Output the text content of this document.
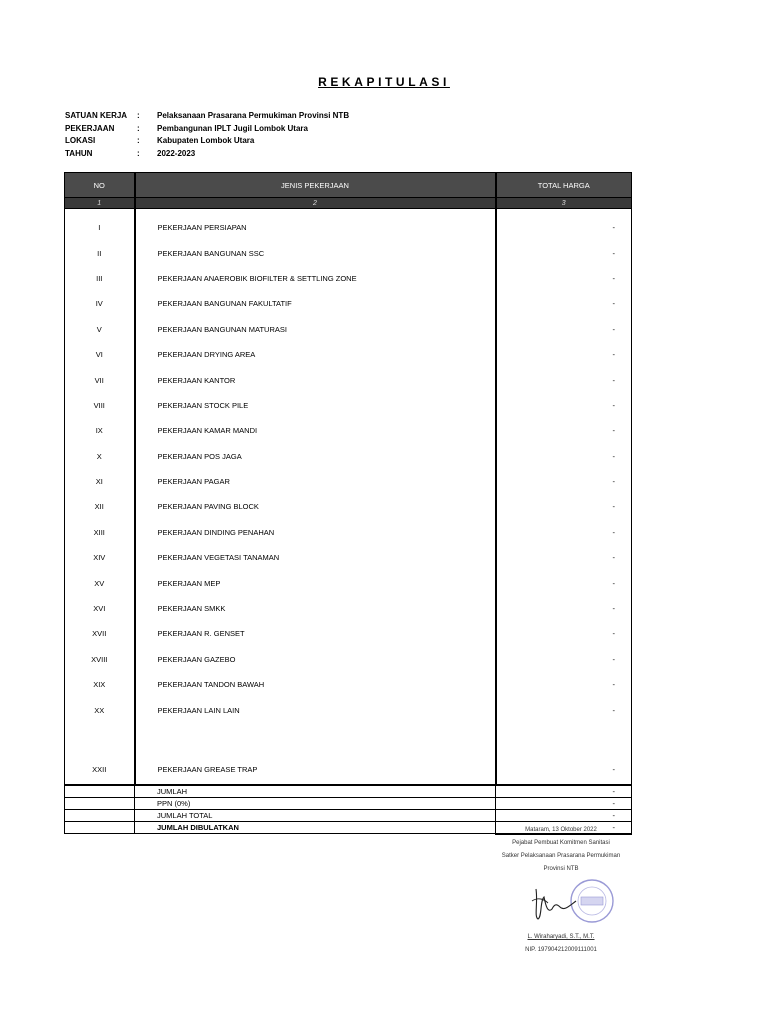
REKAPITULASI
SATUAN KERJA : Pelaksanaan Prasarana Permukiman Provinsi NTB
PEKERJAAN	: Pembangunan IPLT Jugil Lombok Utara
LOKASI	: Kabupaten Lombok Utara
TAHUN	: 2022-2023
NO	JENIS PEKERJAAN	TOTAL HARGA
1	2	3
I	PEKERJAAN PERSIAPAN	-
II	PEKERJAAN BANGUNAN SSC	-
III	PEKERJAAN ANAEROBIK BIOFILTER & SETTLING ZONE	-
IV	PEKERJAAN BANGUNAN FAKULTATIF	-
V	PEKERJAAN BANGUNAN MATURASI	-
VI	PEKERJAAN DRYING AREA	-
VII	PEKERJAAN KANTOR	-
VIII	PEKERJAAN STOCK PILE	-
IX	PEKERJAAN KAMAR MANDI	-
X	PEKERJAAN POS JAGA	-
XI	PEKERJAAN PAGAR	-
XII	PEKERJAAN PAVING BLOCK	-
XIII	PEKERJAAN DINDING PENAHAN	-
XIV	PEKERJAAN VEGETASI TANAMAN	-
XV	PEKERJAAN MEP	-
XVI	PEKERJAAN SMKK	-
XVII	PEKERJAAN R. GENSET	-
XVIII	PEKERJAAN GAZEBO	-
XIX	PEKERJAAN TANDON BAWAH	-
XX	PEKERJAAN LAIN LAIN	-
XXII	PEKERJAAN GREASE TRAP	-
	JUMLAH	-
	PPN (0%)	-
	JUMLAH TOTAL	-
	JUMLAH DIBULATKAN	-
Mataram, 13 Oktober 2022
Pejabat Pembuat Komitmen Sanitasi
Satker Pelaksanaan Prasarana Permukiman
Provinsi NTB
L. Wiraharyadi, S.T., M.T.
NIP. 197904212009111001
